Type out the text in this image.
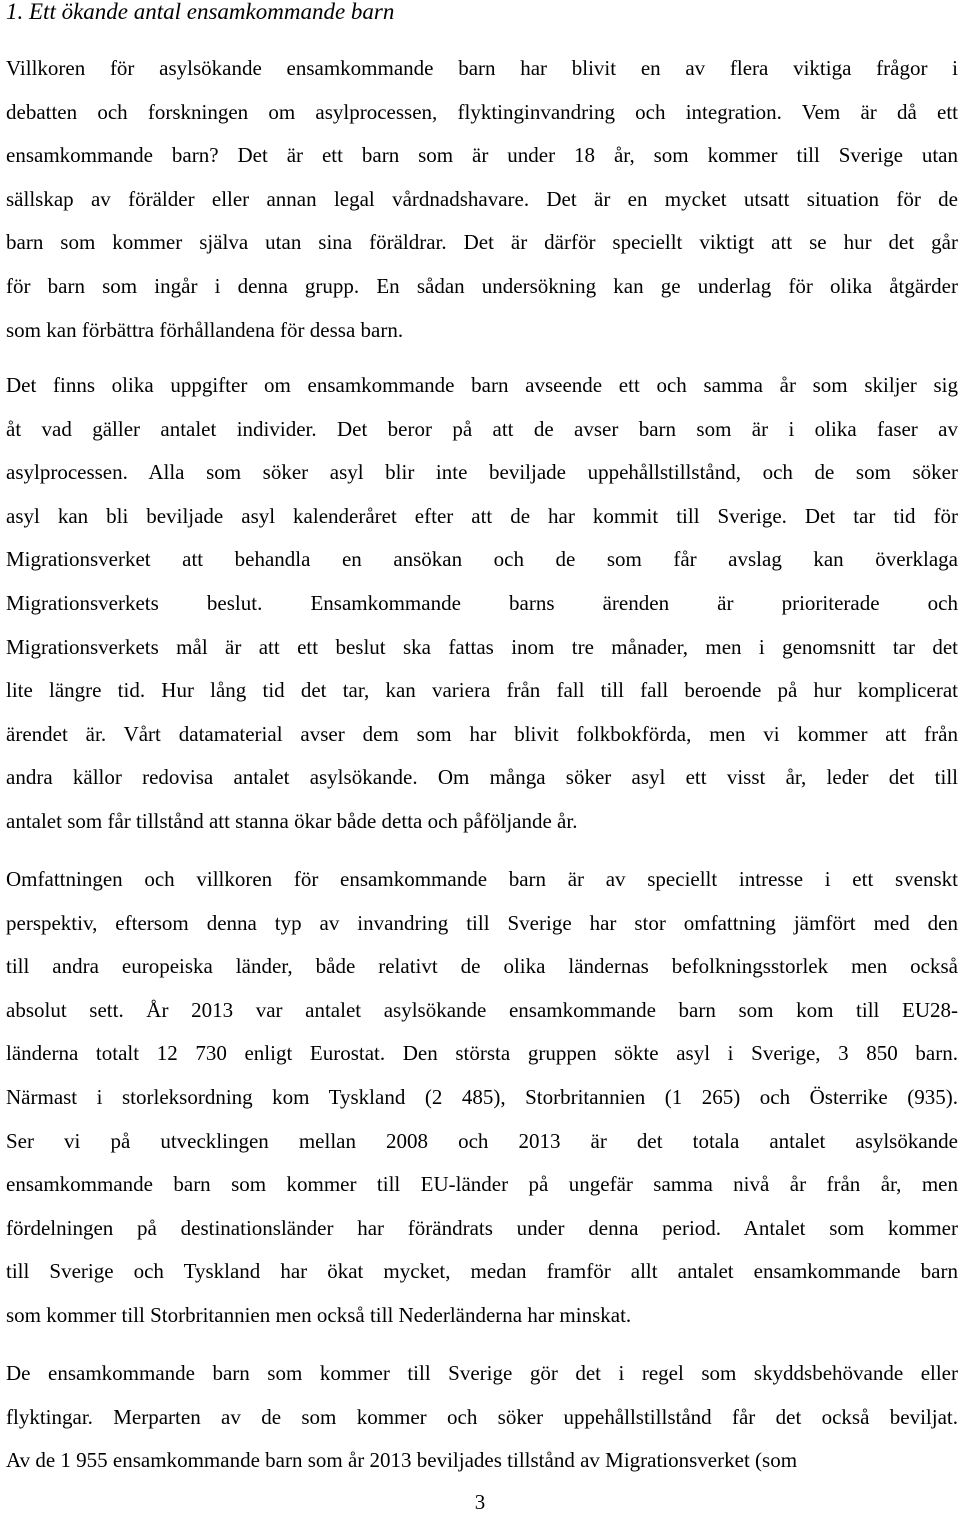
1. Ett ökande antal ensamkommande barn
Villkoren för asylsökande ensamkommande barn har blivit en av flera viktiga frågor i
debatten och forskningen om asylprocessen, flyktinginvandring och integration. Vem är då ett
ensamkommande barn? Det är ett barn som är under 18 år, som kommer till Sverige utan
sällskap av förälder eller annan legal vårdnadshavare. Det är en mycket utsatt situation för de
barn som kommer själva utan sina föräldrar. Det är därför speciellt viktigt att se hur det går
för barn som ingår i denna grupp. En sådan undersökning kan ge underlag för olika åtgärder
som kan förbättra förhållandena för dessa barn.
Det finns olika uppgifter om ensamkommande barn avseende ett och samma år som skiljer sig
åt vad gäller antalet individer. Det beror på att de avser barn som är i olika faser av
asylprocessen. Alla som söker asyl blir inte beviljade uppehållstillstånd, och de som söker
asyl kan bli beviljade asyl kalenderåret efter att de har kommit till Sverige. Det tar tid för
Migrationsverket att behandla en ansökan och de som får avslag kan överklaga
Migrationsverkets beslut. Ensamkommande barns ärenden är prioriterade och
Migrationsverkets mål är att ett beslut ska fattas inom tre månader, men i genomsnitt tar det
lite längre tid. Hur lång tid det tar, kan variera från fall till fall beroende på hur komplicerat
ärendet är. Vårt datamaterial avser dem som har blivit folkbokförda, men vi kommer att från
andra källor redovisa antalet asylsökande. Om många söker asyl ett visst år, leder det till
antalet som får tillstånd att stanna ökar både detta och påföljande år.
Omfattningen och villkoren för ensamkommande barn är av speciellt intresse i ett svenskt
perspektiv, eftersom denna typ av invandring till Sverige har stor omfattning jämfört med den
till andra europeiska länder, både relativt de olika ländernas befolkningsstorlek men också
absolut sett. År 2013 var antalet asylsökande ensamkommande barn som kom till EU28-
länderna totalt 12 730 enligt Eurostat. Den största gruppen sökte asyl i Sverige, 3 850 barn.
Närmast i storleksordning kom Tyskland (2 485), Storbritannien (1 265) och Österrike (935).
Ser vi på utvecklingen mellan 2008 och 2013 är det totala antalet asylsökande
ensamkommande barn som kommer till EU-länder på ungefär samma nivå år från år, men
fördelningen på destinationsländer har förändrats under denna period. Antalet som kommer
till Sverige och Tyskland har ökat mycket, medan framför allt antalet ensamkommande barn
som kommer till Storbritannien men också till Nederländerna har minskat.
De ensamkommande barn som kommer till Sverige gör det i regel som skyddsbehövande eller
flyktingar. Merparten av de som kommer och söker uppehållstillstånd får det också beviljat.
Av de 1 955 ensamkommande barn som år 2013 beviljades tillstånd av Migrationsverket (som
3
